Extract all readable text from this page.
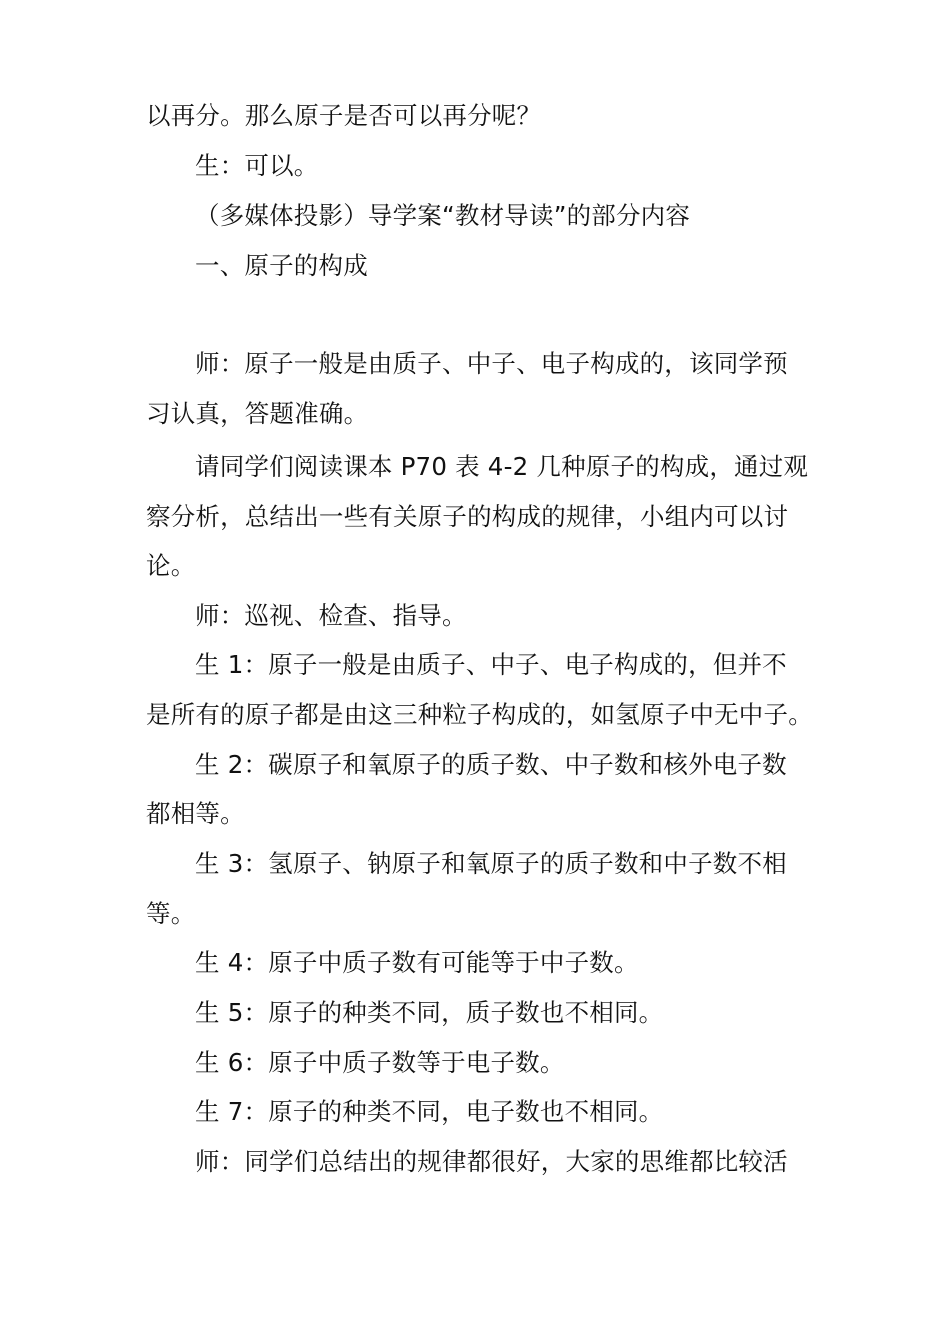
以再分。那么原子是否可以再分呢？
生：可以。
（多媒体投影）导学案“教材导读”的部分内容
一、原子的构成
师：原子一般是由质子、中子、电子构成的，该同学预
习认真，答题准确。
请同学们阅读课本 P70 表 4-2 几种原子的构成，通过观
察分析，总结出一些有关原子的构成的规律，小组内可以讨
论。
师：巡视、检查、指导。
生 1：原子一般是由质子、中子、电子构成的，但并不
是所有的原子都是由这三种粒子构成的，如氢原子中无中子。
生 2：碳原子和氧原子的质子数、中子数和核外电子数
都相等。
生 3：氢原子、钠原子和氧原子的质子数和中子数不相
等。
生 4：原子中质子数有可能等于中子数。
生 5：原子的种类不同，质子数也不相同。
生 6：原子中质子数等于电子数。
生 7：原子的种类不同，电子数也不相同。
师：同学们总结出的规律都很好，大家的思维都比较活
